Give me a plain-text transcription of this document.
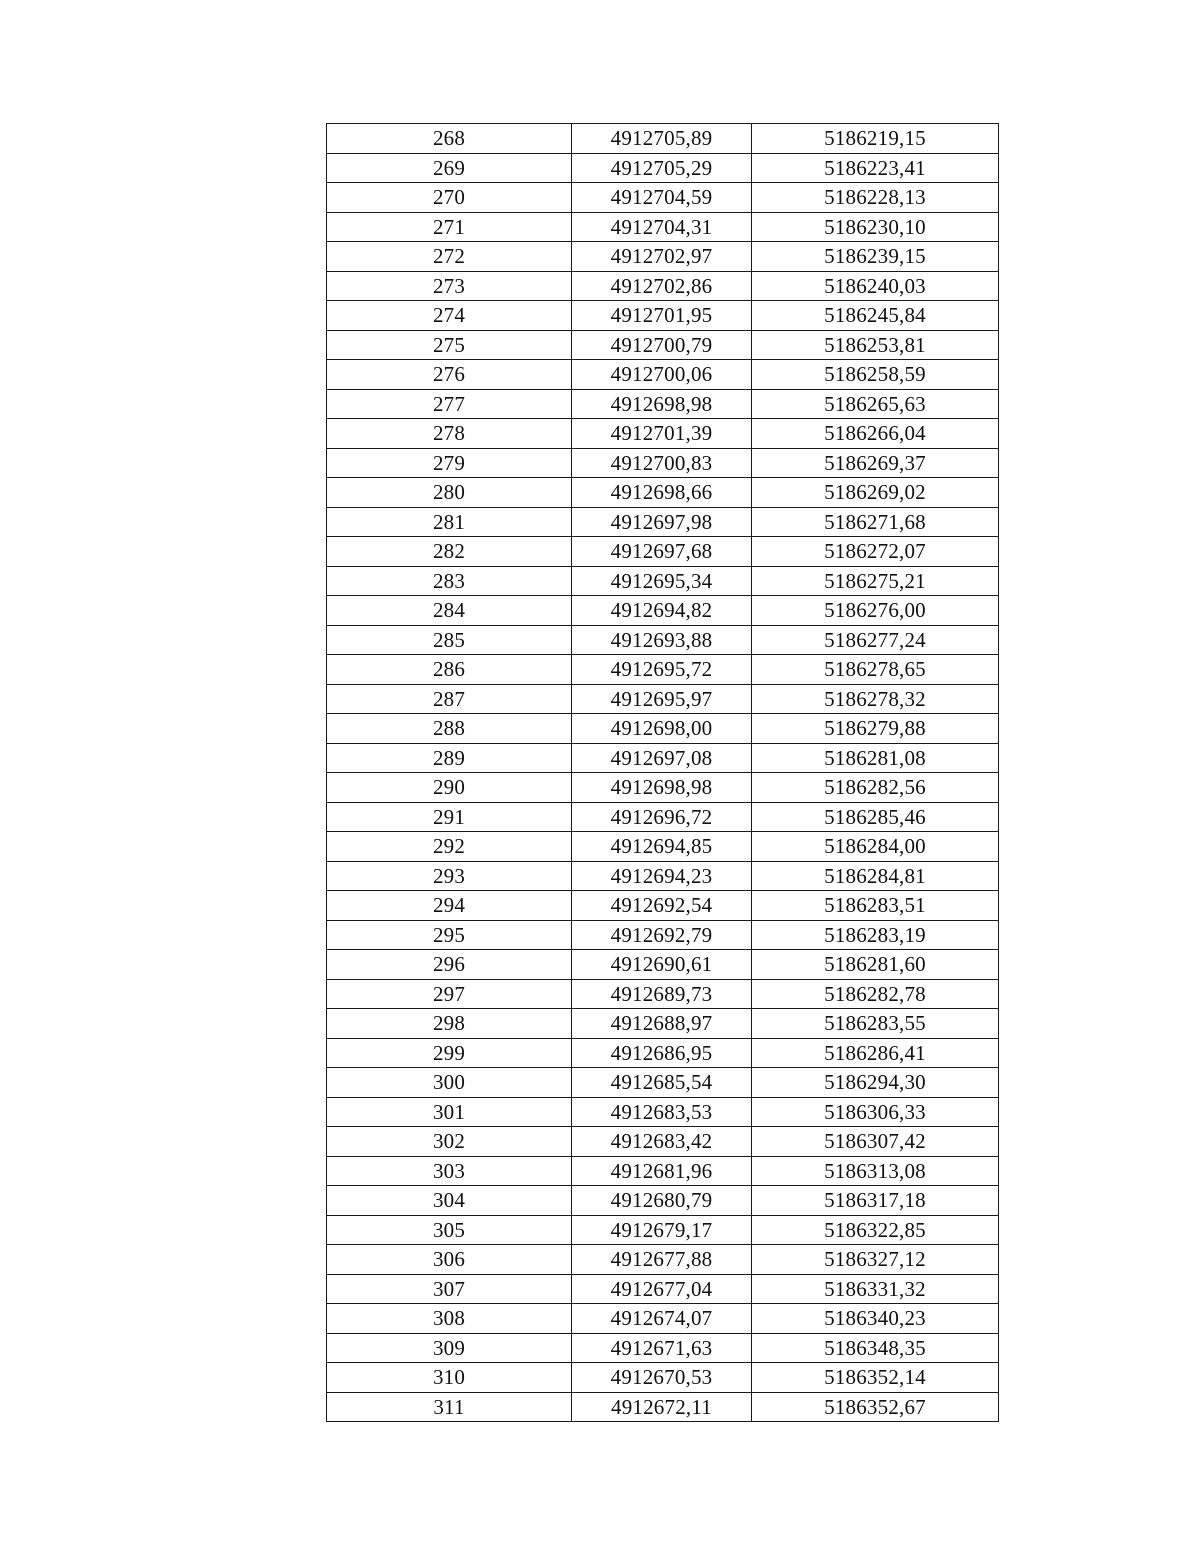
268	4912705,89	5186219,15
269	4912705,29	5186223,41
270	4912704,59	5186228,13
271	4912704,31	5186230,10
272	4912702,97	5186239,15
273	4912702,86	5186240,03
274	4912701,95	5186245,84
275	4912700,79	5186253,81
276	4912700,06	5186258,59
277	4912698,98	5186265,63
278	4912701,39	5186266,04
279	4912700,83	5186269,37
280	4912698,66	5186269,02
281	4912697,98	5186271,68
282	4912697,68	5186272,07
283	4912695,34	5186275,21
284	4912694,82	5186276,00
285	4912693,88	5186277,24
286	4912695,72	5186278,65
287	4912695,97	5186278,32
288	4912698,00	5186279,88
289	4912697,08	5186281,08
290	4912698,98	5186282,56
291	4912696,72	5186285,46
292	4912694,85	5186284,00
293	4912694,23	5186284,81
294	4912692,54	5186283,51
295	4912692,79	5186283,19
296	4912690,61	5186281,60
297	4912689,73	5186282,78
298	4912688,97	5186283,55
299	4912686,95	5186286,41
300	4912685,54	5186294,30
301	4912683,53	5186306,33
302	4912683,42	5186307,42
303	4912681,96	5186313,08
304	4912680,79	5186317,18
305	4912679,17	5186322,85
306	4912677,88	5186327,12
307	4912677,04	5186331,32
308	4912674,07	5186340,23
309	4912671,63	5186348,35
310	4912670,53	5186352,14
311	4912672,11	5186352,67
